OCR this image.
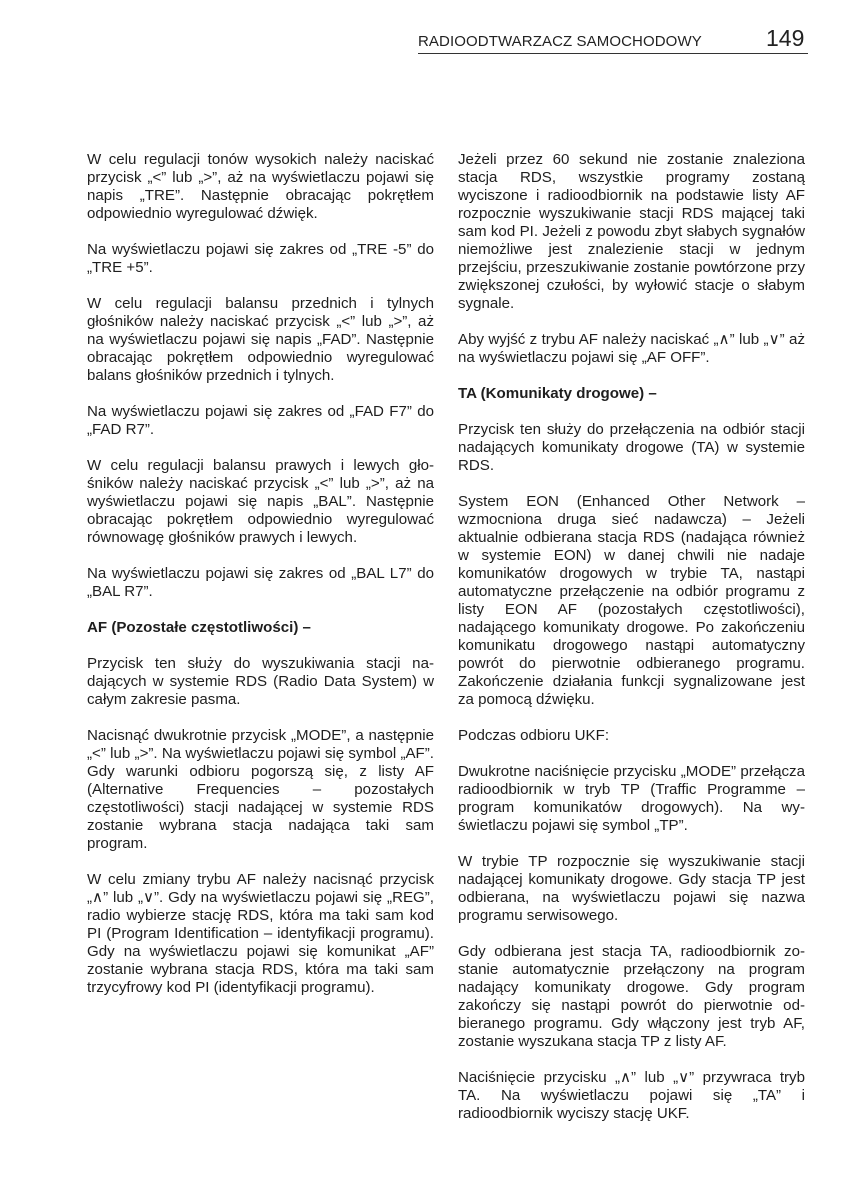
RADIOODTWARZACZ SAMOCHODOWY	149

W celu regulacji tonów wysokich należy naciskać przycisk „<” lub „>”, aż na wyświetlaczu pojawi się napis „TRE”. Następnie obracając pokrętłem odpowiednio wyregulować dźwięk.

Na wyświetlaczu pojawi się zakres od „TRE -5” do „TRE +5”.

W celu regulacji balansu przednich i tylnych głośników należy naciskać przycisk „<” lub „>”, aż na wyświetlaczu pojawi się napis „FAD”. Następnie obracając pokrętłem odpowiednio wyregulować balans głośników przednich i tylnych.

Na wyświetlaczu pojawi się zakres od „FAD F7” do „FAD R7”.

W celu regulacji balansu prawych i lewych głośników należy naciskać przycisk „<” lub „>”, aż na wyświetlaczu pojawi się napis „BAL”. Następnie obracając pokrętłem odpowiednio wyregulować równowagę głośników prawych i lewych.

Na wyświetlaczu pojawi się zakres od „BAL L7” do „BAL R7”.

AF (Pozostałe częstotliwości) –

Przycisk ten służy do wyszukiwania stacji nadających w systemie RDS (Radio Data System) w całym zakresie pasma.

Nacisnąć dwukrotnie przycisk „MODE”, a następnie „<” lub „>”. Na wyświetlaczu pojawi się symbol „AF”. Gdy warunki odbioru pogorszą się, z listy AF (Alternative Frequencies – pozostałych częstotliwości) stacji nadającej w systemie RDS zostanie wybrana stacja nadająca taki sam program.

W celu zmiany trybu AF należy nacisnąć przycisk „∧” lub „∨”. Gdy na wyświetlaczu pojawi się „REG”, radio wybierze stację RDS, która ma taki sam kod PI (Program Identification – identyfikacji programu). Gdy na wyświetlaczu pojawi się komunikat „AF” zostanie wybrana stacja RDS, która ma taki sam trzycyfrowy kod PI (identyfikacji programu).

Jeżeli przez 60 sekund nie zostanie znaleziona stacja RDS, wszystkie programy zostaną wyciszone i radioodbiornik na podstawie listy AF rozpocznie wyszukiwanie stacji RDS mającej taki sam kod PI. Jeżeli z powodu zbyt słabych sygnałów niemożliwe jest znalezienie stacji w jednym przejściu, przeszukiwanie zostanie powtórzone przy zwiększonej czułości, by wyłowić stacje o słabym sygnale.

Aby wyjść z trybu AF należy naciskać „∧” lub „∨” aż na wyświetlaczu pojawi się „AF OFF”.

TA (Komunikaty drogowe) –

Przycisk ten służy do przełączenia na odbiór stacji nadających komunikaty drogowe (TA) w systemie RDS.

System EON (Enhanced Other Network – wzmocniona druga sieć nadawcza) – Jeżeli aktualnie odbierana stacja RDS (nadająca również w systemie EON) w danej chwili nie nadaje komunikatów drogowych w trybie TA, nastąpi automatyczne przełączenie na odbiór programu z listy EON AF (pozostałych częstotliwości), nadającego komunikaty drogowe. Po zakończeniu komunikatu drogowego nastąpi automatyczny powrót do pierwotnie odbieranego programu. Zakończenie działania funkcji sygnalizowane jest za pomocą dźwięku.

Podczas odbioru UKF:

Dwukrotne naciśnięcie przycisku „MODE” przełącza radioodbiornik w tryb TP (Traffic Programme – program komunikatów drogowych). Na wyświetlaczu pojawi się symbol „TP”.

W trybie TP rozpocznie się wyszukiwanie stacji nadającej komunikaty drogowe. Gdy stacja TP jest odbierana, na wyświetlaczu pojawi się nazwa programu serwisowego.

Gdy odbierana jest stacja TA, radioodbiornik zostanie automatycznie przełączony na program nadający komunikaty drogowe. Gdy program zakończy się nastąpi powrót do pierwotnie odbieranego programu. Gdy włączony jest tryb AF, zostanie wyszukana stacja TP z listy AF.

Naciśnięcie przycisku „∧” lub „∨” przywraca tryb TA. Na wyświetlaczu pojawi się „TA” i radioodbiornik wyciszy stację UKF.
